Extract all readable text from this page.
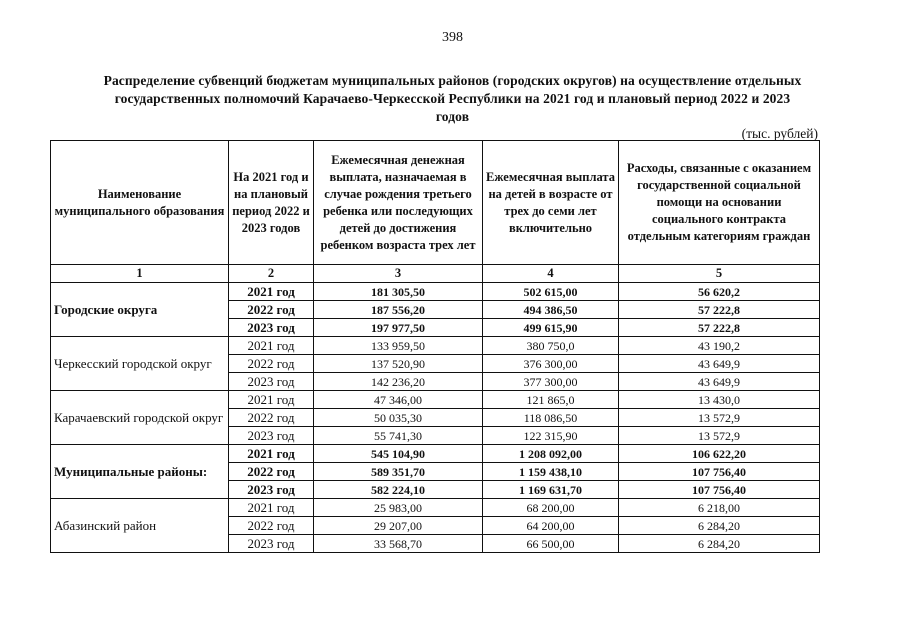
398
Распределение субвенций бюджетам муниципальных районов (городских округов) на осуществление отдельных
государственных полномочий Карачаево-Черкесской Республики на 2021 год и плановый период 2022 и 2023
годов
(тыс. рублей)
Наименование муниципального образования	На 2021 год и на плановый период 2022 и 2023 годов	Ежемесячная денежная выплата, назначаемая в случае рождения третьего ребенка или последующих детей до достижения ребенком возраста трех лет	Ежемесячная выплата на детей в возрасте от трех до семи лет включительно	Расходы, связанные с оказанием государственной социальной помощи на основании социального контракта отдельным категориям граждан
1	2	3	4	5
Городские округа	2021 год	181 305,50	502 615,00	56 620,2
	2022 год	187 556,20	494 386,50	57 222,8
	2023 год	197 977,50	499 615,90	57 222,8
Черкесский городской округ	2021 год	133 959,50	380 750,0	43 190,2
	2022 год	137 520,90	376 300,00	43 649,9
	2023 год	142 236,20	377 300,00	43 649,9
Карачаевский городской округ	2021 год	47 346,00	121 865,0	13 430,0
	2022 год	50 035,30	118 086,50	13 572,9
	2023 год	55 741,30	122 315,90	13 572,9
Муниципальные районы:	2021 год	545 104,90	1 208 092,00	106 622,20
	2022 год	589 351,70	1 159 438,10	107 756,40
	2023 год	582 224,10	1 169 631,70	107 756,40
Абазинский район	2021 год	25 983,00	68 200,00	6 218,00
	2022 год	29 207,00	64 200,00	6 284,20
	2023 год	33 568,70	66 500,00	6 284,20
